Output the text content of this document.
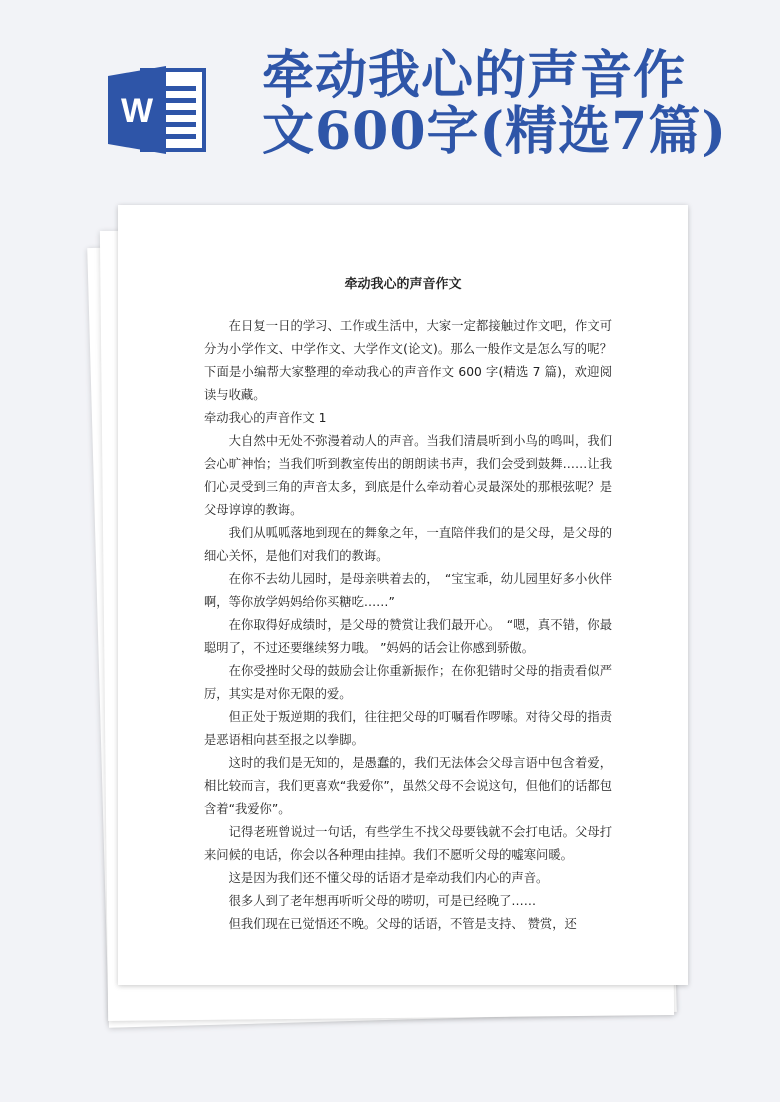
W
牵动我心的声音作
文600字(精选7篇)
牵动我心的声音作文

在日复一日的学习、工作或生活中，大家一定都接触过作文吧，作文可分为小学作文、中学作文、大学作文(论文)。那么一般作文是怎么写的呢？下面是小编帮大家整理的牵动我心的声音作文 600 字(精选 7 篇)，欢迎阅读与收藏。

牵动我心的声音作文 1

大自然中无处不弥漫着动人的声音。当我们清晨听到小鸟的鸣叫，我们会心旷神怡；当我们听到教室传出的朗朗读书声，我们会受到鼓舞……让我们心灵受到三角的声音太多，到底是什么牵动着心灵最深处的那根弦呢？是父母谆谆的教诲。

我们从呱呱落地到现在的舞象之年，一直陪伴我们的是父母，是父母的细心关怀，是他们对我们的教诲。

在你不去幼儿园时，是母亲哄着去的，　“宝宝乖，幼儿园里好多小伙伴啊，等你放学妈妈给你买糖吃……”

在你取得好成绩时，是父母的赞赏让我们最开心。　“嗯，真不错，你最聪明了，不过还要继续努力哦。 ”妈妈的话会让你感到骄傲。

在你受挫时父母的鼓励会让你重新振作；在你犯错时父母的指责看似严厉，其实是对你无限的爱。

但正处于叛逆期的我们，往往把父母的叮嘱看作啰嗦。对待父母的指责是恶语相向甚至报之以拳脚。

这时的我们是无知的，是愚蠢的，我们无法体会父母言语中包含着爱，相比较而言，我们更喜欢“我爱你”，虽然父母不会说这句，但他们的话都包含着“我爱你”。

记得老班曾说过一句话，有些学生不找父母要钱就不会打电话。父母打来问候的电话，你会以各种理由挂掉。我们不愿听父母的嘘寒问暖。

这是因为我们还不懂父母的话语才是牵动我们内心的声音。

很多人到了老年想再听听父母的唠叨，可是已经晚了……

但我们现在已觉悟还不晚。父母的话语，不管是支持、 赞赏，还
